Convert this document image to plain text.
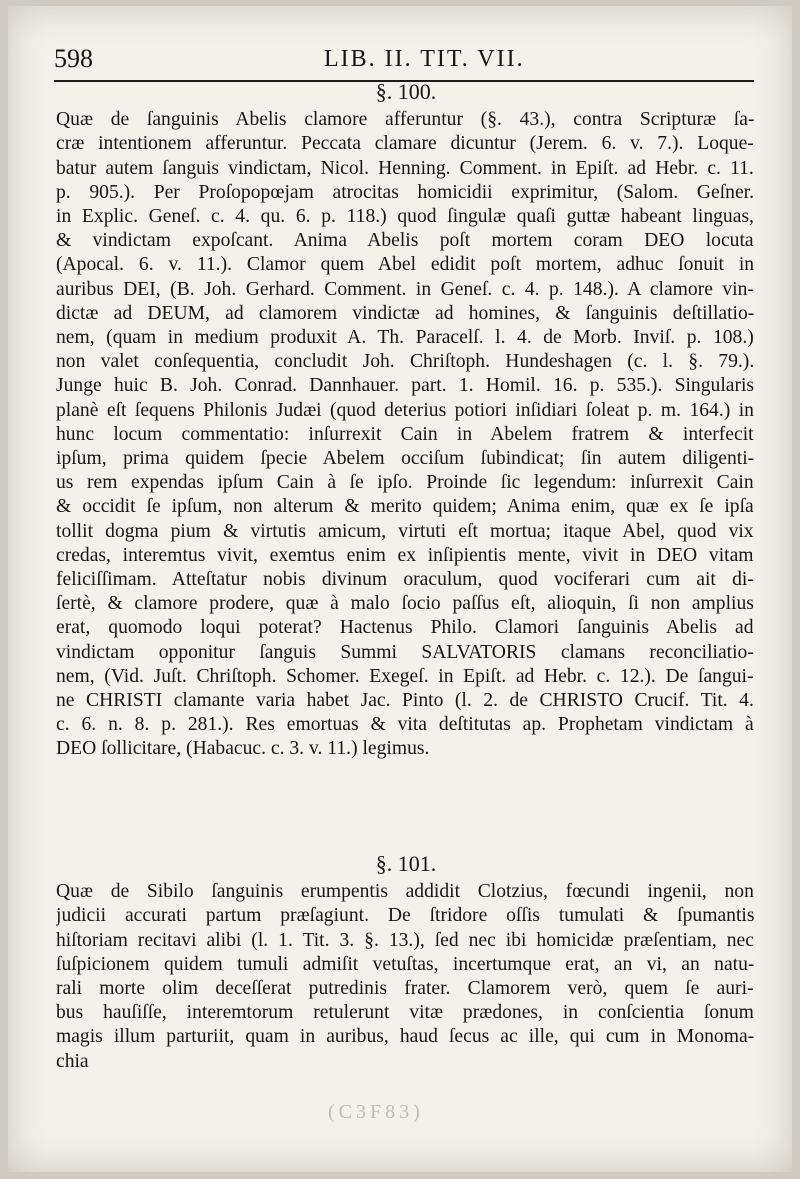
598	LIB. II. TIT. VII.
§. 100.
Quæ de ſanguinis Abelis clamore afferuntur (§. 43.), contra Scripturæ ſa-
cræ intentionem afferuntur. Peccata clamare dicuntur (Jerem. 6. v. 7.). Loque-
batur autem ſanguis vindictam, Nicol. Henning. Comment. in Epiſt. ad Hebr. c. 11.
p. 905.). Per Proſopopœjam atrocitas homicidii exprimitur, (Salom. Geſner.
in Explic. Geneſ. c. 4. qu. 6. p. 118.) quod ſingulæ quaſi guttæ habeant linguas,
& vindictam expoſcant. Anima Abelis poſt mortem coram DEO locuta
(Apocal. 6. v. 11.). Clamor quem Abel edidit poſt mortem, adhuc ſonuit in
auribus DEI, (B. Joh. Gerhard. Comment. in Geneſ. c. 4. p. 148.). A clamore vin-
dictæ ad DEUM, ad clamorem vindictæ ad homines, & ſanguinis deſtillatio-
nem, (quam in medium produxit A. Th. Paracelſ. l. 4. de Morb. Inviſ. p. 108.)
non valet conſequentia, concludit Joh. Chriſtoph. Hundeshagen (c. l. §. 79.).
Junge huic B. Joh. Conrad. Dannhauer. part. 1. Homil. 16. p. 535.). Singularis
planè eſt ſequens Philonis Judæi (quod deterius potiori inſidiari ſoleat p. m. 164.) in
hunc locum commentatio: inſurrexit Cain in Abelem fratrem & interfecit
ipſum, prima quidem ſpecie Abelem occiſum ſubindicat; ſin autem diligenti-
us rem expendas ipſum Cain à ſe ipſo. Proinde ſic legendum: inſurrexit Cain
& occidit ſe ipſum, non alterum & merito quidem; Anima enim, quæ ex ſe ipſa
tollit dogma pium & virtutis amicum, virtuti eſt mortua; itaque Abel, quod vix
credas, interemtus vivit, exemtus enim ex inſipientis mente, vivit in DEO vitam
feliciſſimam. Atteſtatur nobis divinum oraculum, quod vociferari cum ait di-
ſertè, & clamore prodere, quæ à malo ſocio paſſus eſt, alioquin, ſi non amplius
erat, quomodo loqui poterat? Hactenus Philo. Clamori ſanguinis Abelis ad
vindictam opponitur ſanguis Summi SALVATORIS clamans reconciliatio-
nem, (Vid. Juſt. Chriſtoph. Schomer. Exegeſ. in Epiſt. ad Hebr. c. 12.). De ſangui-
ne CHRISTI clamante varia habet Jac. Pinto (l. 2. de CHRISTO Crucif. Tit. 4.
c. 6. n. 8. p. 281.). Res emortuas & vita deſtitutas ap. Prophetam vindictam à
DEO ſollicitare, (Habacuc. c. 3. v. 11.) legimus.
§. 101.
Quæ de Sibilo ſanguinis erumpentis addidit Clotzius, fœcundi ingenii, non
judicii accurati partum præſagiunt. De ſtridore oſſis tumulati & ſpumantis
hiſtoriam recitavi alibi (l. 1. Tit. 3. §. 13.), ſed nec ibi homicidæ præſentiam, nec
ſuſpicionem quidem tumuli admiſit vetuſtas, incertumque erat, an vi, an natu-
rali morte olim deceſſerat putredinis frater. Clamorem verò, quem ſe auri-
bus hauſiſſe, interemtorum retulerunt vitæ prædones, in conſcientia ſonum
magis illum parturiit, quam in auribus, haud ſecus ac ille, qui cum in Monoma-
chia
(C3F83)
